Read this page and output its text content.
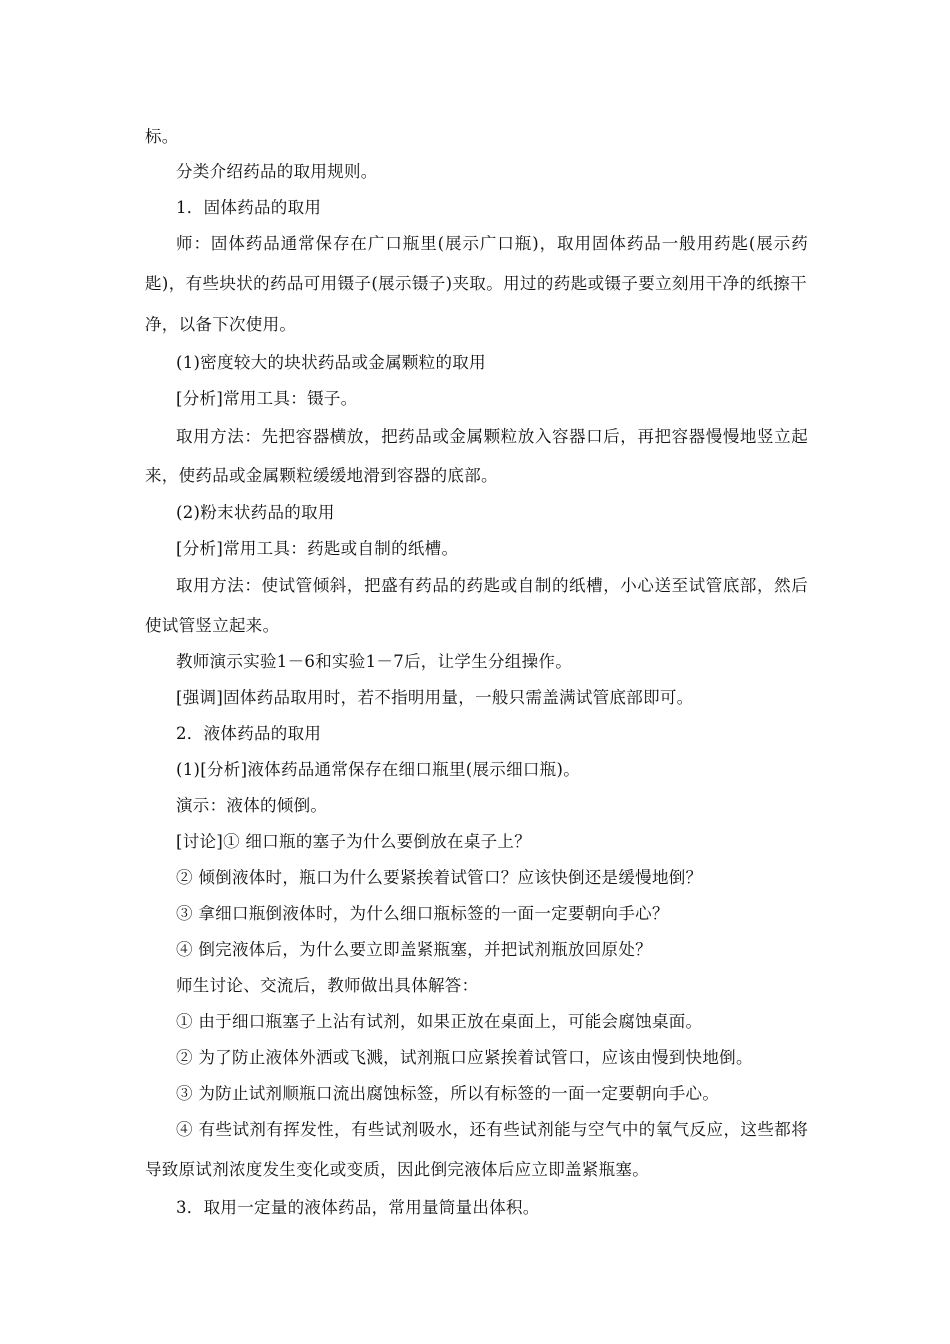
标。
分类介绍药品的取用规则。
1．固体药品的取用
师：固体药品通常保存在广口瓶里(展示广口瓶)，取用固体药品一般用药匙(展示药
匙)，有些块状的药品可用镊子(展示镊子)夹取。用过的药匙或镊子要立刻用干净的纸擦干
净，以备下次使用。
(1)密度较大的块状药品或金属颗粒的取用
[分析]常用工具：镊子。
取用方法：先把容器横放，把药品或金属颗粒放入容器口后，再把容器慢慢地竖立起
来，使药品或金属颗粒缓缓地滑到容器的底部。
(2)粉末状药品的取用
[分析]常用工具：药匙或自制的纸槽。
取用方法：使试管倾斜，把盛有药品的药匙或自制的纸槽，小心送至试管底部，然后
使试管竖立起来。
教师演示实验1－6和实验1－7后，让学生分组操作。
[强调]固体药品取用时，若不指明用量，一般只需盖满试管底部即可。
2．液体药品的取用
(1)[分析]液体药品通常保存在细口瓶里(展示细口瓶)。
演示：液体的倾倒。
[讨论]① 细口瓶的塞子为什么要倒放在桌子上？
② 倾倒液体时，瓶口为什么要紧挨着试管口？应该快倒还是缓慢地倒？
③ 拿细口瓶倒液体时，为什么细口瓶标签的一面一定要朝向手心？
④ 倒完液体后，为什么要立即盖紧瓶塞，并把试剂瓶放回原处？
师生讨论、交流后，教师做出具体解答：
① 由于细口瓶塞子上沾有试剂，如果正放在桌面上，可能会腐蚀桌面。
② 为了防止液体外洒或飞溅，试剂瓶口应紧挨着试管口，应该由慢到快地倒。
③ 为防止试剂顺瓶口流出腐蚀标签，所以有标签的一面一定要朝向手心。
④ 有些试剂有挥发性，有些试剂吸水，还有些试剂能与空气中的氧气反应，这些都将
导致原试剂浓度发生变化或变质，因此倒完液体后应立即盖紧瓶塞。
3．取用一定量的液体药品，常用量筒量出体积。
